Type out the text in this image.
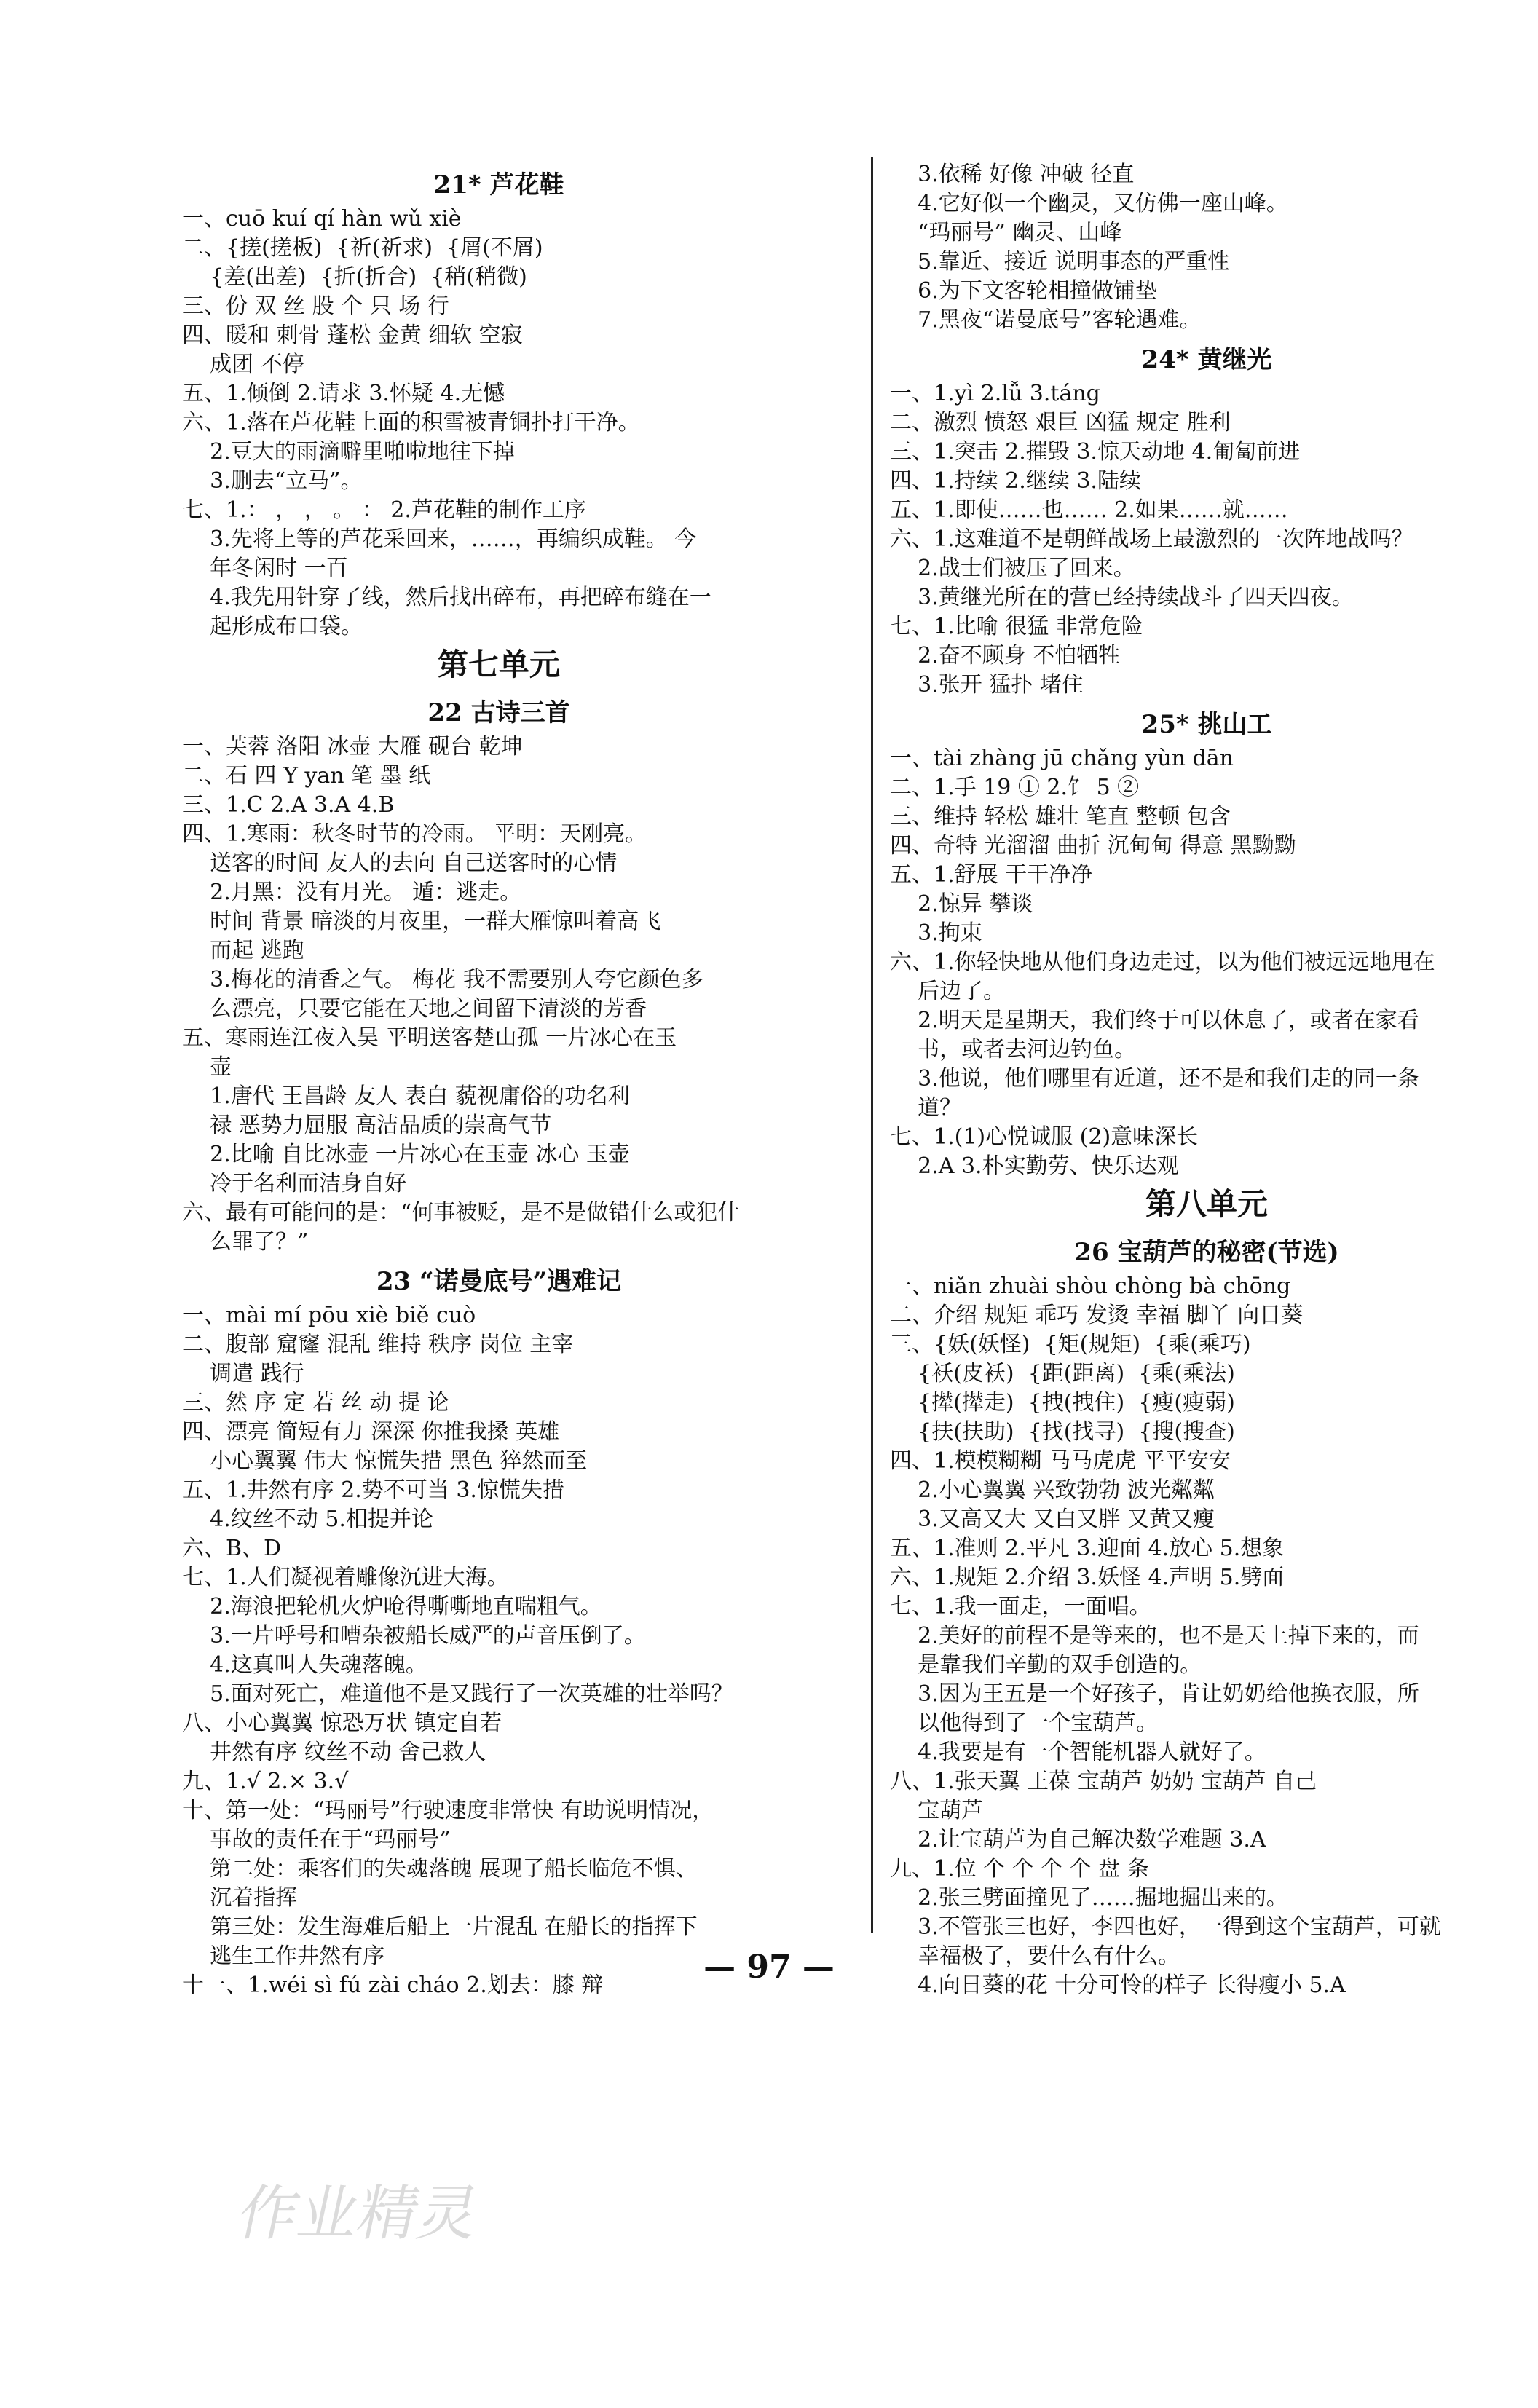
21* 芦花鞋
一、cuō kuí qí hàn wǔ xiè
二、{搓(搓板)  {祈(祈求)  {屑(不屑)
{差(出差)  {折(折合)  {稍(稍微)
三、份 双 丝 股 个 只 场 行
四、暖和 刺骨 蓬松 金黄 细软 空寂
成团 不停
五、1.倾倒 2.请求 3.怀疑 4.无憾
六、1.落在芦花鞋上面的积雪被青铜扑打干净。
2.豆大的雨滴噼里啪啦地往下掉
3.删去“立马”。
七、1.： ， ， 。 ： 2.芦花鞋的制作工序
3.先将上等的芦花采回来，……，再编织成鞋。 今
年冬闲时 一百
4.我先用针穿了线，然后找出碎布，再把碎布缝在一
起形成布口袋。
第七单元
22 古诗三首
一、芙蓉 洛阳 冰壶 大雁 砚台 乾坤
二、石 四 Y yan 笔 墨 纸
三、1.C 2.A 3.A 4.B
四、1.寒雨：秋冬时节的冷雨。 平明：天刚亮。
送客的时间 友人的去向 自己送客时的心情
2.月黑：没有月光。 遁：逃走。
时间 背景 暗淡的月夜里，一群大雁惊叫着高飞
而起 逃跑
3.梅花的清香之气。 梅花 我不需要别人夸它颜色多
么漂亮，只要它能在天地之间留下清淡的芳香
五、寒雨连江夜入吴 平明送客楚山孤 一片冰心在玉
壶
1.唐代 王昌龄 友人 表白 藐视庸俗的功名利
禄 恶势力屈服 高洁品质的崇高气节
2.比喻 自比冰壶 一片冰心在玉壶 冰心 玉壶
冷于名利而洁身自好
六、最有可能问的是：“何事被贬，是不是做错什么或犯什
么罪了？”
23 “诺曼底号”遇难记
一、mài mí pōu xiè biě cuò
二、腹部 窟窿 混乱 维持 秩序 岗位 主宰
调遣 践行
三、然 序 定 若 丝 动 提 论
四、漂亮 简短有力 深深 你推我搡 英雄
小心翼翼 伟大 惊慌失措 黑色 猝然而至
五、1.井然有序 2.势不可当 3.惊慌失措
4.纹丝不动 5.相提并论
六、B、D
七、1.人们凝视着雕像沉进大海。
2.海浪把轮机火炉呛得嘶嘶地直喘粗气。
3.一片呼号和嘈杂被船长威严的声音压倒了。
4.这真叫人失魂落魄。
5.面对死亡，难道他不是又践行了一次英雄的壮举吗？
八、小心翼翼 惊恐万状 镇定自若
井然有序 纹丝不动 舍己救人
九、1.√ 2.× 3.√
十、第一处：“玛丽号”行驶速度非常快 有助说明情况，
事故的责任在于“玛丽号”
第二处：乘客们的失魂落魄 展现了船长临危不惧、
沉着指挥
第三处：发生海难后船上一片混乱 在船长的指挥下
逃生工作井然有序
十一、1.wéi sì fú zài cháo 2.划去：膝 辩
3.依稀 好像 冲破 径直
4.它好似一个幽灵，又仿佛一座山峰。
“玛丽号” 幽灵、山峰
5.靠近、接近 说明事态的严重性
6.为下文客轮相撞做铺垫
7.黑夜“诺曼底号”客轮遇难。
24* 黄继光
一、1.yì 2.lǚ 3.táng
二、激烈 愤怒 艰巨 凶猛 规定 胜利
三、1.突击 2.摧毁 3.惊天动地 4.匍匐前进
四、1.持续 2.继续 3.陆续
五、1.即使……也…… 2.如果……就……
六、1.这难道不是朝鲜战场上最激烈的一次阵地战吗？
2.战士们被压了回来。
3.黄继光所在的营已经持续战斗了四天四夜。
七、1.比喻 很猛 非常危险
2.奋不顾身 不怕牺牲
3.张开 猛扑 堵住
25* 挑山工
一、tài zhàng jū chǎng yùn dān
二、1.手 19 ① 2.饣 5 ②
三、维持 轻松 雄壮 笔直 整顿 包含
四、奇特 光溜溜 曲折 沉甸甸 得意 黑黝黝
五、1.舒展 干干净净
2.惊异 攀谈
3.拘束
六、1.你轻快地从他们身边走过，以为他们被远远地甩在
后边了。
2.明天是星期天，我们终于可以休息了，或者在家看
书，或者去河边钓鱼。
3.他说，他们哪里有近道，还不是和我们走的同一条
道？
七、1.(1)心悦诚服 (2)意味深长
2.A 3.朴实勤劳、快乐达观
第八单元
26 宝葫芦的秘密(节选)
一、niǎn zhuài shòu chòng bà chōng
二、介绍 规矩 乖巧 发烫 幸福 脚丫 向日葵
三、{妖(妖怪)  {矩(规矩)  {乘(乘巧)
{袄(皮袄)  {距(距离)  {乘(乘法)
{撵(撵走)  {拽(拽住)  {瘦(瘦弱)
{扶(扶助)  {找(找寻)  {搜(搜查)
四、1.模模糊糊 马马虎虎 平平安安
2.小心翼翼 兴致勃勃 波光粼粼
3.又高又大 又白又胖 又黄又瘦
五、1.准则 2.平凡 3.迎面 4.放心 5.想象
六、1.规矩 2.介绍 3.妖怪 4.声明 5.劈面
七、1.我一面走，一面唱。
2.美好的前程不是等来的，也不是天上掉下来的，而
是靠我们辛勤的双手创造的。
3.因为王五是一个好孩子，肯让奶奶给他换衣服，所
以他得到了一个宝葫芦。
4.我要是有一个智能机器人就好了。
八、1.张天翼 王葆 宝葫芦 奶奶 宝葫芦 自己
宝葫芦
2.让宝葫芦为自己解决数学难题 3.A
九、1.位 个 个 个 个 盘 条
2.张三劈面撞见了……掘地掘出来的。
3.不管张三也好，李四也好，一得到这个宝葫芦，可就
幸福极了，要什么有什么。
4.向日葵的花 十分可怜的样子 长得瘦小 5.A
— 97 —
作业精灵
